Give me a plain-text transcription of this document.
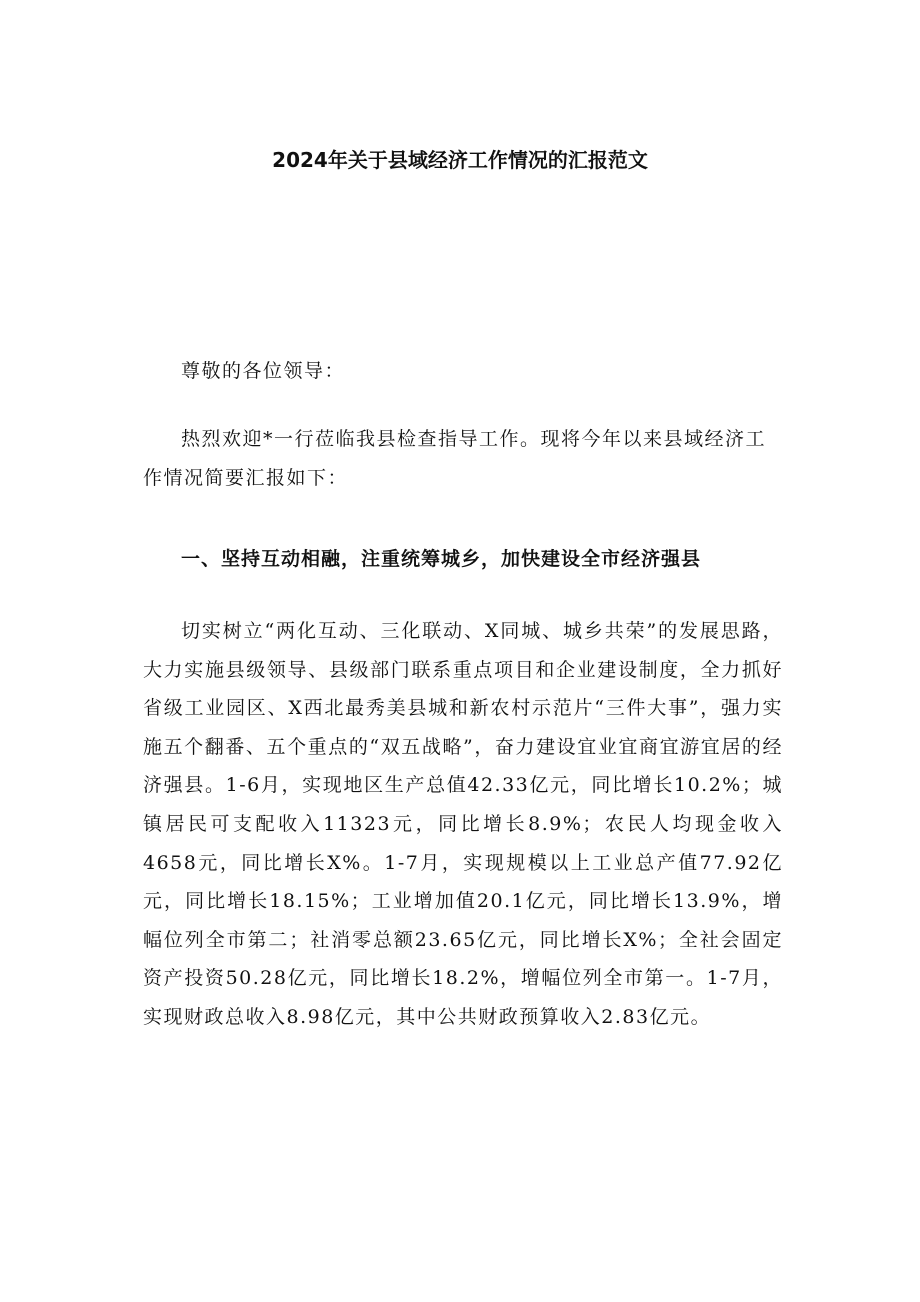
2024年关于县域经济工作情况的汇报范文
尊敬的各位领导：
热烈欢迎*一行莅临我县检查指导工作。现将今年以来县域经济工作情况简要汇报如下：
一、坚持互动相融，注重统筹城乡，加快建设全市经济强县
切实树立“两化互动、三化联动、X同城、城乡共荣”的发展思路，大力实施县级领导、县级部门联系重点项目和企业建设制度，全力抓好省级工业园区、X西北最秀美县城和新农村示范片“三件大事”，强力实施五个翻番、五个重点的“双五战略”，奋力建设宜业宜商宜游宜居的经济强县。1-6月，实现地区生产总值42.33亿元，同比增长10.2%；城镇居民可支配收入11323元，同比增长8.9%；农民人均现金收入4658元，同比增长X%。1-7月，实现规模以上工业总产值77.92亿元，同比增长18.15%；工业增加值20.1亿元，同比增长13.9%，增幅位列全市第二；社消零总额23.65亿元，同比增长X%；全社会固定资产投资50.28亿元，同比增长18.2%，增幅位列全市第一。1-7月，实现财政总收入8.98亿元，其中公共财政预算收入2.83亿元。
